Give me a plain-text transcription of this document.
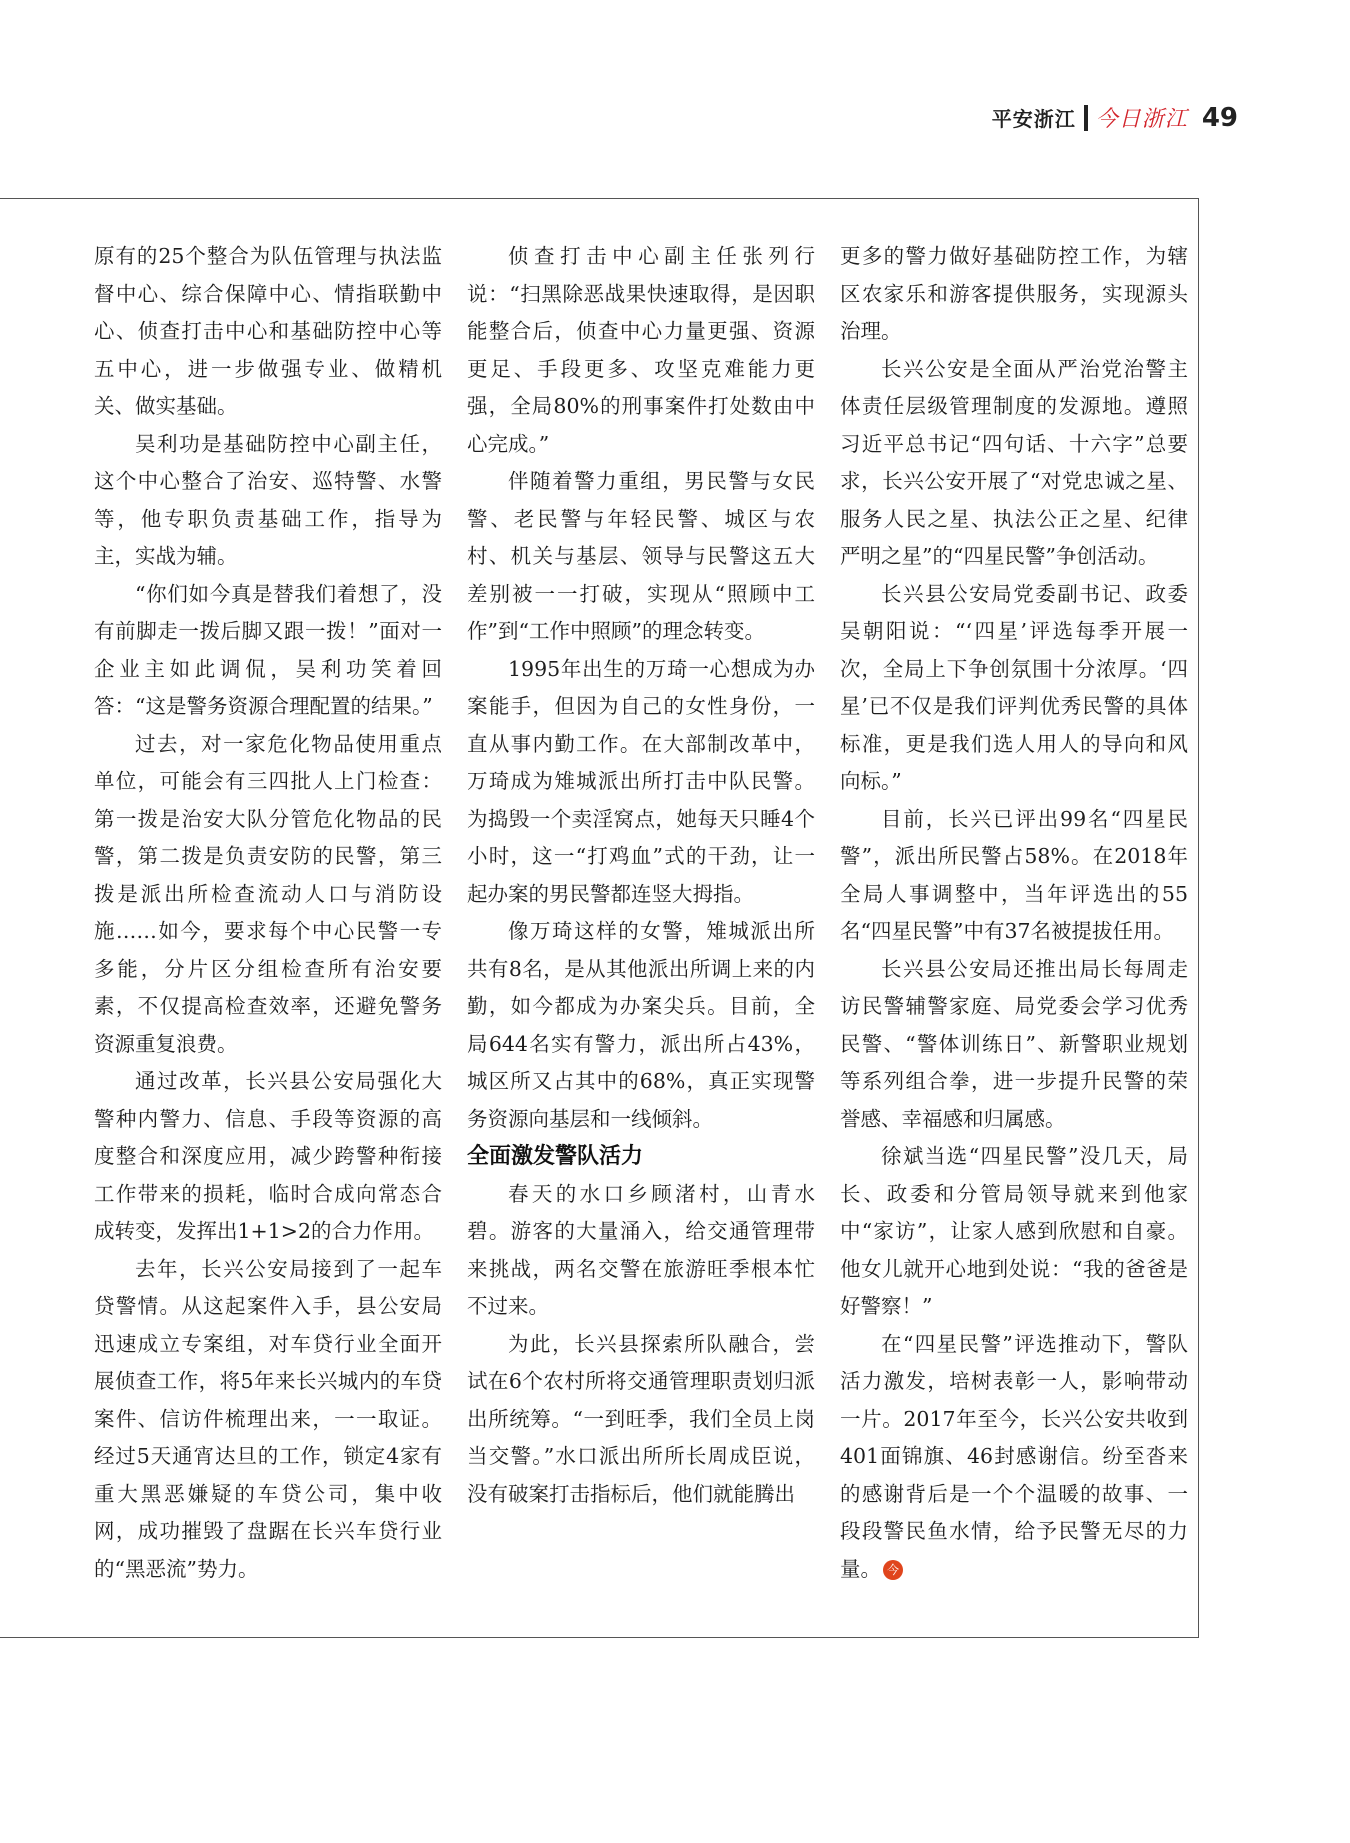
平安浙江 今日浙江 49

原有的25个整合为队伍管理与执法监督中心、综合保障中心、情指联勤中心、侦查打击中心和基础防控中心等五中心，进一步做强专业、做精机关、做实基础。

吴利功是基础防控中心副主任，这个中心整合了治安、巡特警、水警等，他专职负责基础工作，指导为主，实战为辅。

“你们如今真是替我们着想了，没有前脚走一拨后脚又跟一拨！”面对一企业主如此调侃，吴利功笑着回答：“这是警务资源合理配置的结果。”

过去，对一家危化物品使用重点单位，可能会有三四批人上门检查：第一拨是治安大队分管危化物品的民警，第二拨是负责安防的民警，第三拨是派出所检查流动人口与消防设施……如今，要求每个中心民警一专多能，分片区分组检查所有治安要素，不仅提高检查效率，还避免警务资源重复浪费。

通过改革，长兴县公安局强化大警种内警力、信息、手段等资源的高度整合和深度应用，减少跨警种衔接工作带来的损耗，临时合成向常态合成转变，发挥出1+1>2的合力作用。

去年，长兴公安局接到了一起车贷警情。从这起案件入手，县公安局迅速成立专案组，对车贷行业全面开展侦查工作，将5年来长兴城内的车贷案件、信访件梳理出来，一一取证。经过5天通宵达旦的工作，锁定4家有重大黑恶嫌疑的车贷公司，集中收网，成功摧毁了盘踞在长兴车贷行业的“黑恶流”势力。

侦查打击中心副主任张列行说：“扫黑除恶战果快速取得，是因职能整合后，侦查中心力量更强、资源更足、手段更多、攻坚克难能力更强，全局80%的刑事案件打处数由中心完成。”

伴随着警力重组，男民警与女民警、老民警与年轻民警、城区与农村、机关与基层、领导与民警这五大差别被一一打破，实现从“照顾中工作”到“工作中照顾”的理念转变。

1995年出生的万琦一心想成为办案能手，但因为自己的女性身份，一直从事内勤工作。在大部制改革中，万琦成为雉城派出所打击中队民警。为捣毁一个卖淫窝点，她每天只睡4个小时，这一“打鸡血”式的干劲，让一起办案的男民警都连竖大拇指。

像万琦这样的女警，雉城派出所共有8名，是从其他派出所调上来的内勤，如今都成为办案尖兵。目前，全局644名实有警力，派出所占43%，城区所又占其中的68%，真正实现警务资源向基层和一线倾斜。

全面激发警队活力

春天的水口乡顾渚村，山青水碧。游客的大量涌入，给交通管理带来挑战，两名交警在旅游旺季根本忙不过来。

为此，长兴县探索所队融合，尝试在6个农村所将交通管理职责划归派出所统筹。“一到旺季，我们全员上岗当交警。”水口派出所所长周成臣说，没有破案打击指标后，他们就能腾出

更多的警力做好基础防控工作，为辖区农家乐和游客提供服务，实现源头治理。

长兴公安是全面从严治党治警主体责任层级管理制度的发源地。遵照习近平总书记“四句话、十六字”总要求，长兴公安开展了“对党忠诚之星、服务人民之星、执法公正之星、纪律严明之星”的“四星民警”争创活动。

长兴县公安局党委副书记、政委吴朝阳说：“‘四星’评选每季开展一次，全局上下争创氛围十分浓厚。‘四星’已不仅是我们评判优秀民警的具体标准，更是我们选人用人的导向和风向标。”

目前，长兴已评出99名“四星民警”，派出所民警占58%。在2018年全局人事调整中，当年评选出的55名“四星民警”中有37名被提拔任用。

长兴县公安局还推出局长每周走访民警辅警家庭、局党委会学习优秀民警、“警体训练日”、新警职业规划等系列组合拳，进一步提升民警的荣誉感、幸福感和归属感。

徐斌当选“四星民警”没几天，局长、政委和分管局领导就来到他家中“家访”，让家人感到欣慰和自豪。他女儿就开心地到处说：“我的爸爸是好警察！”

在“四星民警”评选推动下，警队活力激发，培树表彰一人，影响带动一片。2017年至今，长兴公安共收到401面锦旗、46封感谢信。纷至沓来的感谢背后是一个个温暖的故事、一段段警民鱼水情，给予民警无尽的力量。 今
